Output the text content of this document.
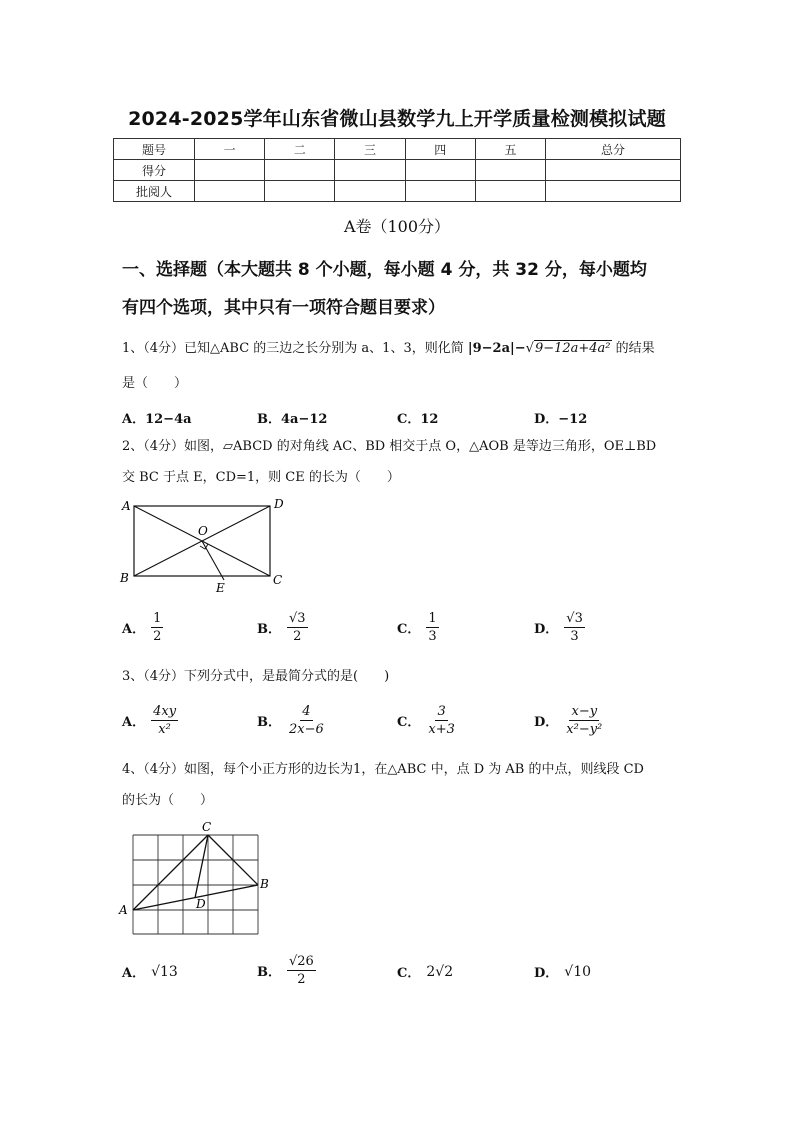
2024-2025学年山东省微山县数学九上开学质量检测模拟试题
题号	一	二	三	四	五	总分
得分						
批阅人						
A卷（100分）
一、选择题（本大题共 8 个小题，每小题 4 分，共 32 分，每小题均
有四个选项，其中只有一项符合题目要求）
1、（4分）已知△ABC 的三边之长分别为 a、1、3，则化简 |9−2a|−√9−12a+4a² 的结果
是（　　）
A．12−4a	B．4a−12	C．12	D．−12
2、（4分）如图，▱ABCD 的对角线 AC、BD 相交于点 O，△AOB 是等边三角形，OE⊥BD
交 BC 于点 E，CD=1，则 CE 的长为（　　）
A	D
B	C
O
E
A． $\frac{1}{2}$	B． $\frac{√3}{2}$	C． $\frac{1}{3}$	D． $\frac{√3}{3}$
3、（4分）下列分式中，是最简分式的是(　　)
A． $\frac{4xy}{\text{x²}}$	B． $\frac{4}{2x-6}$	C． $\frac{3}{x+3}$	D． $\frac{x-y}{\text{x²−y²}}$
4、（4分）如图，每个小正方形的边长为1，在△ABC 中，点 D 为 AB 的中点，则线段 CD
的长为（　　）
C
B
A	D
A． √13	B． $\frac{√26}{2}$	C． 2√2	D． √10
